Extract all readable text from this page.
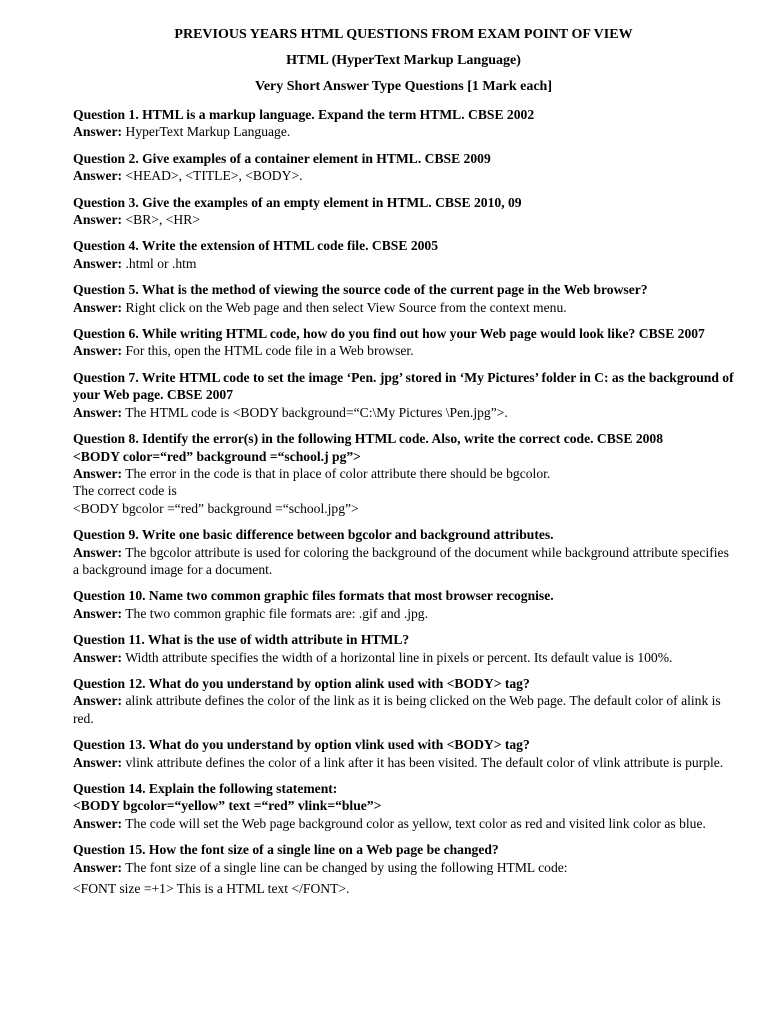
PREVIOUS YEARS HTML QUESTIONS FROM EXAM POINT OF VIEW

HTML (HyperText Markup Language)

Very Short Answer Type Questions [1 Mark each]

Question 1. HTML is a markup language. Expand the term HTML. CBSE 2002
Answer: HyperText Markup Language.
Question 2. Give examples of a container element in HTML. CBSE 2009
Answer: <HEAD>, <TITLE>, <BODY>.
Question 3. Give the examples of an empty element in HTML. CBSE 2010, 09
Answer: <BR>, <HR>
Question 4. Write the extension of HTML code file. CBSE 2005
Answer: .html or .htm
Question 5. What is the method of viewing the source code of the current page in the Web browser?
Answer: Right click on the Web page and then select View Source from the context menu.
Question 6. While writing HTML code, how do you find out how your Web page would look like? CBSE 2007
Answer: For this, open the HTML code file in a Web browser.
Question 7. Write HTML code to set the image ‘Pen. jpg’ stored in ‘My Pictures’ folder in C: as the background of your Web page. CBSE 2007
Answer: The HTML code is <BODY background=“C:\My Pictures \Pen.jpg”>.
Question 8. Identify the error(s) in the following HTML code. Also, write the correct code. CBSE 2008
<BODY color=“red” background =“school.j pg”>
Answer: The error in the code is that in place of color attribute there should be bgcolor.
The correct code is
<BODY bgcolor =“red” background =“school.jpg”>
Question 9. Write one basic difference between bgcolor and background attributes.
Answer: The bgcolor attribute is used for coloring the background of the document while background attribute specifies a background image for a document.
Question 10. Name two common graphic files formats that most browser recognise.
Answer: The two common graphic file formats are: .gif and .jpg.
Question 11. What is the use of width attribute in HTML?
Answer: Width attribute specifies the width of a horizontal line in pixels or percent. Its default value is 100%.
Question 12. What do you understand by option alink used with <BODY> tag?
Answer: alink attribute defines the color of the link as it is being clicked on the Web page. The default color of alink is red.
Question 13. What do you understand by option vlink used with <BODY> tag?
Answer: vlink attribute defines the color of a link after it has been visited. The default color of vlink attribute is purple.
Question 14. Explain the following statement:
<BODY bgcolor=“yellow” text =“red” vlink=“blue”>
Answer: The code will set the Web page background color as yellow, text color as red and visited link color as blue.
Question 15. How the font size of a single line on a Web page be changed?
Answer: The font size of a single line can be changed by using the following HTML code:
<FONT size =+1> This is a HTML text </FONT>.
